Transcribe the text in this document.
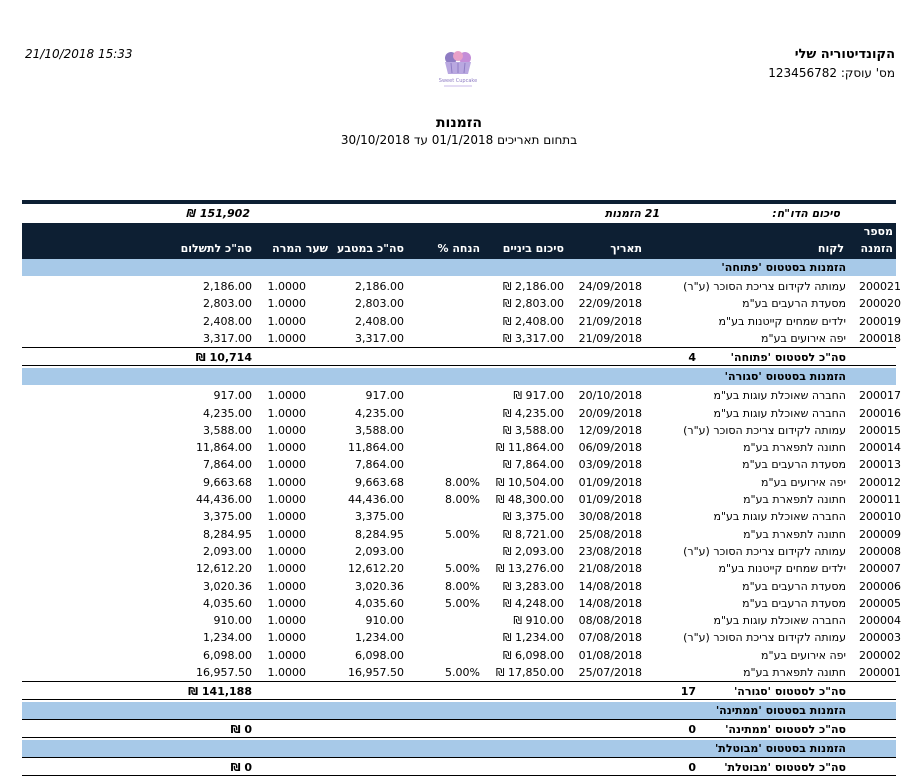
21/10/2018 15:33	הקונדיטוריה שלי
מס' עוסק: 123456782
Sweet Cupcake
הזמנות
בתחום תאריכים 01/1/2018 עד 30/10/2018
סיכום הדו"ח:
21
הזמנות
₪ 151,902
מספר
הזמנה
לקוח
תאריך
סיכום ביניים
% הנחה
סה"כ במטבע
שער המרה
סה"כ לתשלום
הזמנות בסטטוס 'פתוחה'
200021
עמותה לקידום צריכת הסוכר (ע"ר)
24/09/2018
₪ 2,186.00
2,186.00
1.0000
2,186.00
200020
מסעדת הרעבים בע"מ
22/09/2018
₪ 2,803.00
2,803.00
1.0000
2,803.00
200019
ילדים שמחים קייטנות בע"מ
21/09/2018
₪ 2,408.00
2,408.00
1.0000
2,408.00
200018
יפה אירועים בע"מ
21/09/2018
₪ 3,317.00
3,317.00
1.0000
3,317.00
סה"כ לסטטוס 'פתוחה'
4
₪ 10,714
הזמנות בסטטוס 'סגורה'
200017
החברה שאוכלת עוגות בע"מ
20/10/2018
₪ 917.00
917.00
1.0000
917.00
200016
החברה שאוכלת עוגות בע"מ
20/09/2018
₪ 4,235.00
4,235.00
1.0000
4,235.00
200015
עמותה לקידום צריכת הסוכר (ע"ר)
12/09/2018
₪ 3,588.00
3,588.00
1.0000
3,588.00
200014
חתונה לתפארת בע"מ
06/09/2018
₪ 11,864.00
11,864.00
1.0000
11,864.00
200013
מסעדת הרעבים בע"מ
03/09/2018
₪ 7,864.00
7,864.00
1.0000
7,864.00
200012
יפה אירועים בע"מ
01/09/2018
₪ 10,504.00
8.00%
9,663.68
1.0000
9,663.68
200011
חתונה לתפארת בע"מ
01/09/2018
₪ 48,300.00
8.00%
44,436.00
1.0000
44,436.00
200010
החברה שאוכלת עוגות בע"מ
30/08/2018
₪ 3,375.00
3,375.00
1.0000
3,375.00
200009
חתונה לתפארת בע"מ
25/08/2018
₪ 8,721.00
5.00%
8,284.95
1.0000
8,284.95
200008
עמותה לקידום צריכת הסוכר (ע"ר)
23/08/2018
₪ 2,093.00
2,093.00
1.0000
2,093.00
200007
ילדים שמחים קייטנות בע"מ
21/08/2018
₪ 13,276.00
5.00%
12,612.20
1.0000
12,612.20
200006
מסעדת הרעבים בע"מ
14/08/2018
₪ 3,283.00
8.00%
3,020.36
1.0000
3,020.36
200005
מסעדת הרעבים בע"מ
14/08/2018
₪ 4,248.00
5.00%
4,035.60
1.0000
4,035.60
200004
החברה שאוכלת עוגות בע"מ
08/08/2018
₪ 910.00
910.00
1.0000
910.00
200003
עמותה לקידום צריכת הסוכר (ע"ר)
07/08/2018
₪ 1,234.00
1,234.00
1.0000
1,234.00
200002
יפה אירועים בע"מ
01/08/2018
₪ 6,098.00
6,098.00
1.0000
6,098.00
200001
חתונה לתפארת בע"מ
25/07/2018
₪ 17,850.00
5.00%
16,957.50
1.0000
16,957.50
סה"כ לסטטוס 'סגורה'
17
₪ 141,188
הזמנות בסטטוס 'ממתינה'
סה"כ לסטטוס 'ממתינה'
0
₪ 0
הזמנות בסטטוס 'מבוטלת'
סה"כ לסטטוס 'מבוטלת'
0
₪ 0
